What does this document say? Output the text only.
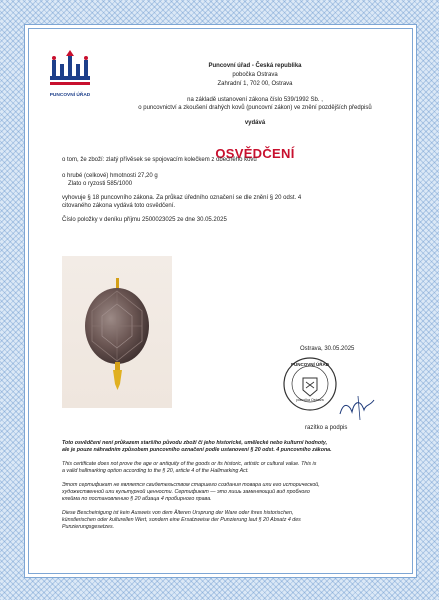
PUNCOVNÍ ÚŘAD
Puncovní úřad - Česká republika
pobočka Ostrava
Zahradní 1, 702 00, Ostrava
na základě ustanovení zákona číslo 539/1992 Sb. ,
o puncovnictví a zkoušení drahých kovů (puncovní zákon) ve znění pozdějších předpisů
vydává
OSVĚDČENÍ
o tom, že zboží: zlatý přívěsek se spojovacím kolečkem z obecného kovu
o hrubé (celkové) hmotnosti 27,20 g
Zlato o ryzosti 585/1000
vyhovuje § 18 puncovního zákona. Za průkaz úředního označení se dle znění § 20 odst. 4
citovaného zákona vydává toto osvědčení.
Číslo položky v deníku příjmu 2500023025 ze dne 30.05.2025
Ostrava, 30.05.2025
PUNCOVNÍ ÚŘAD
pobočka Ostrava
razítko a podpis
Toto osvědčení není průkazem staršího původu zboží či jeho historické, umělecké nebo kulturní hodnoty,
ale je pouze náhradním způsobem puncovního označení podle ustanovení § 20 odst. 4 puncovního zákona.
This certificate does not prove the age or antiquity of the goods or its historic, artistic or cultural value. This is
a valid hallmarking option according to the § 20, article 4 of the Hallmarking Act.
Этот сертификат не является свидетельством старшего создания товара или его исторической,
художественной или культурной ценности. Сертификат — это лишь заменяющий вид пробного
клейма по постановлению § 20 абзаца 4 пробирного права.
Diese Bescheinigung ist kein Ausweis von dem Älteren Ursprung der Ware oder ihres historischen,
künstlerischen oder kulturellen Wert, sondern eine Ersatzweise der Punzierung laut § 20 Absatz 4 des
Punzierungsgesetzes.
